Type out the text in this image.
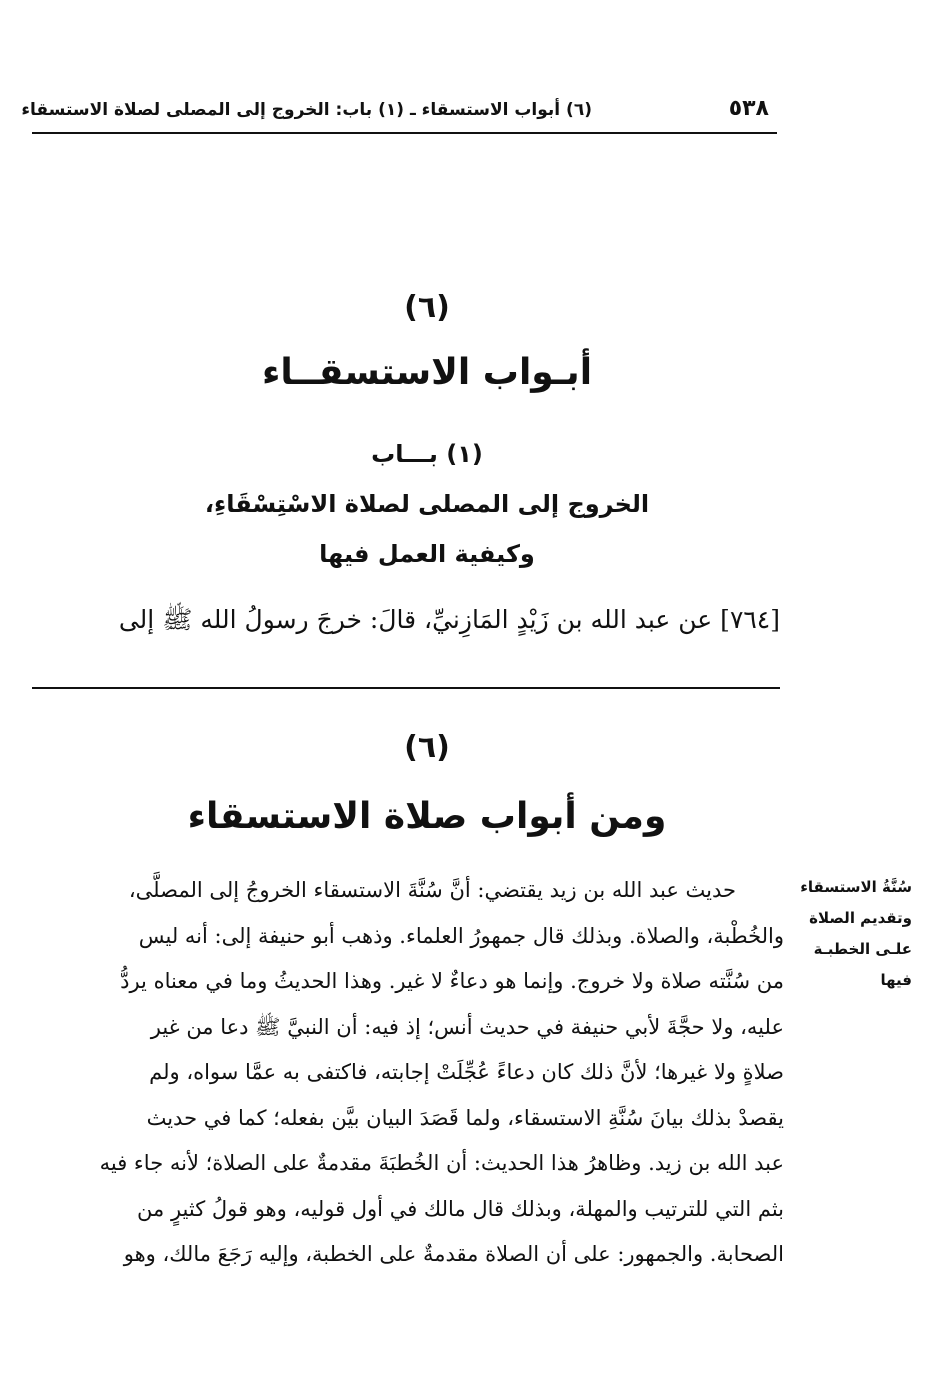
٥٣٨
(٦) أبواب الاستسقاء ـ (١) باب: الخروج إلى المصلى لصلاة الاستسقاء
(٦)
أبـواب الاستسقــاء
(١) بـــاب
الخروج إلى المصلى لصلاة الاسْتِسْقَاءِ،
وكيفية العمل فيها
[٧٦٤] عن عبد الله بن زَيْدٍ المَازِنيِّ، قالَ: خرجَ رسولُ الله ﷺ إلى
(٦)
ومن أبواب صلاة الاستسقاء
سُنَّةُ الاستسقاء
وتقديم الصلاة
علـى الخطبـة
فيها
حديث عبد الله بن زيد يقتضي: أنَّ سُنَّةَ الاستسقاء الخروجُ إلى المصلَّى،
والخُطْبة، والصلاة. وبذلك قال جمهورُ العلماء. وذهب أبو حنيفة إلى: أنه ليس
من سُنَّته صلاة ولا خروج. وإنما هو دعاءٌ لا غير. وهذا الحديثُ وما في معناه يردُّ
عليه، ولا حجَّةَ لأبي حنيفة في حديث أنس؛ إذ فيه: أن النبيَّ ﷺ دعا من غير
صلاةٍ ولا غيرها؛ لأنَّ ذلك كان دعاءً عُجِّلَتْ إجابته، فاكتفى به عمَّا سواه، ولم
يقصدْ بذلك بيانَ سُنَّةِ الاستسقاء، ولما قَصَدَ البيان بيَّن بفعله؛ كما في حديث
عبد الله بن زيد. وظاهرُ هذا الحديث: أن الخُطبَةَ مقدمةٌ على الصلاة؛ لأنه جاء فيه
بثم التي للترتيب والمهلة، وبذلك قال مالك في أول قوليه، وهو قولُ كثيرٍ من
الصحابة. والجمهور: على أن الصلاة مقدمةٌ على الخطبة، وإليه رَجَعَ مالك، وهو
